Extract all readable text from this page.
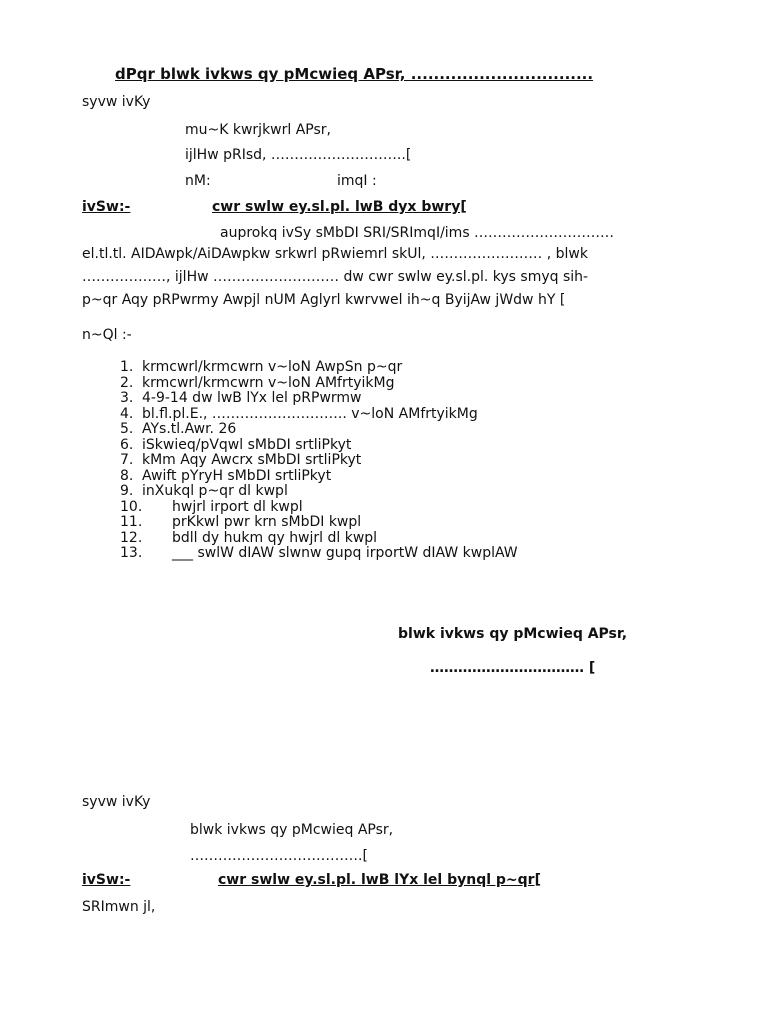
dPqr blwk ivkws qy pMcwieq APsr, ................................
syvw ivKy
mu~K kwrjkwrl APsr,
ijlHw pRIsd, ………………………..[
nM:	imqI :
ivSw:-	cwr swlw ey.sl.pl. lwB dyx bwry[
auprokq ivSy sMbDI SRI/SRImqI/ims …………………………
el.tl.tl. AIDAwpk/AiDAwpkw srkwrl pRwiemrl skUl, …………………… , blwk
………………, ijlHw ……………………… dw cwr swlw ey.sl.pl. kys smyq sih-
p~qr Aqy pRPwrmy Awpjl nUM Aglyrl kwrvwel ih~q ByijAw jWdw hY [
n~Ql :-
1. krmcwrl/krmcwrn v~loN AwpSn p~qr
2. krmcwrl/krmcwrn v~loN AMfrtyikMg
3. 4-9-14 dw lwB lYx lel pRPwrmw
4. bl.fl.pl.E., ……………………….. v~loN AMfrtyikMg
5. AYs.tl.Awr. 26
6. iSkwieq/pVqwl sMbDI srtliPkyt
7. kMm Aqy Awcrx sMbDI srtliPkyt
8. Awift pYryH sMbDI srtliPkyt
9. inXukql p~qr dl kwpl
10.	hwjrl irport dl kwpl
11.	prKkwl pwr krn sMbDI kwpl
12.	bdll dy hukm qy hwjrl dl kwpl
13.	___ swlW dIAW slwnw gupq irportW dIAW kwplAW
blwk ivkws qy pMcwieq APsr,
…………………………… [
syvw ivKy
blwk ivkws qy pMcwieq APsr,
……………………………….[
ivSw:-	cwr swlw ey.sl.pl. lwB lYx lel bynql p~qr[
SRImwn jl,
